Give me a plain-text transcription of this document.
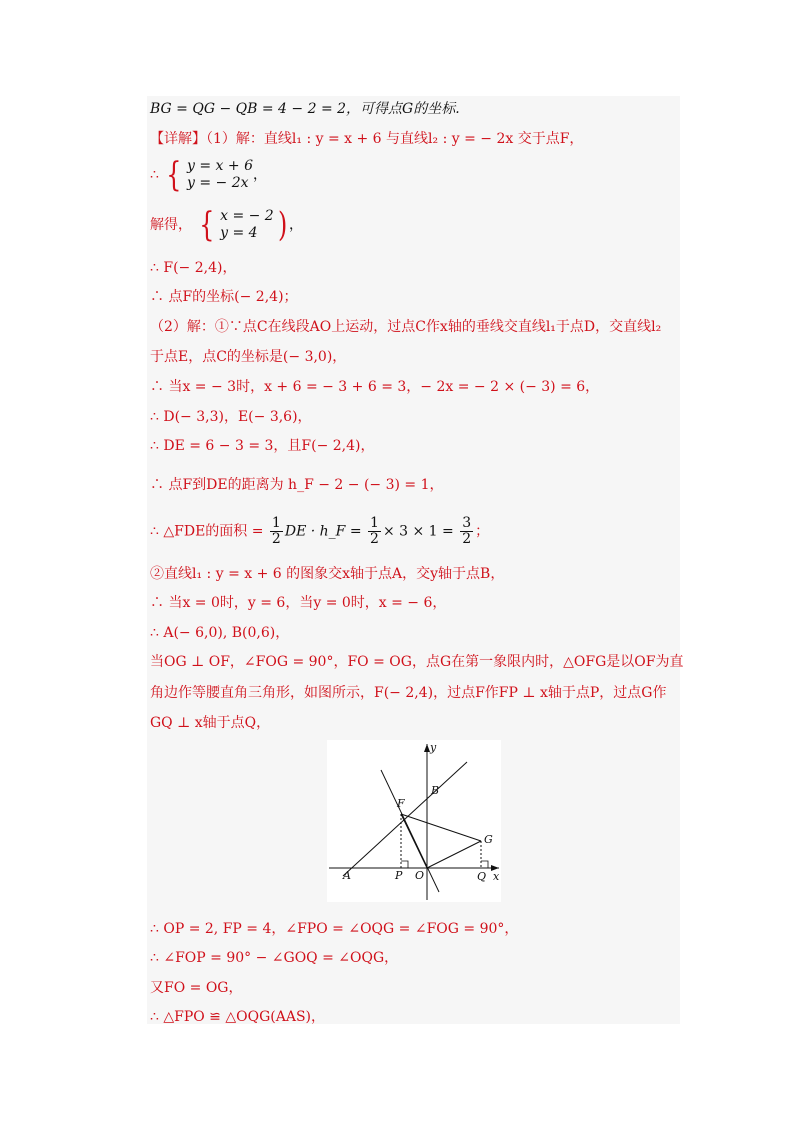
BG = QG − QB = 4 − 2 = 2，可得点G的坐标.
【详解】（1）解：直线l₁ : y = x + 6 与直线l₂ : y = − 2x 交于点F，
∴ { y = x + 6
y = − 2x ，
解得， { x = − 2
y = 4 ) ，
∴ F(− 2,4)，
∴ 点F的坐标(− 2,4)；
（2）解：①∵点C在线段AO上运动，过点C作x轴的垂线交直线l₁于点D，交直线l₂
于点E，点C的坐标是(− 3,0)，
∴ 当x = − 3时，x + 6 = − 3 + 6 = 3，− 2x = − 2 × (− 3) = 6，
∴ D(− 3,3)，E(− 3,6)，
∴ DE = 6 − 3 = 3，且F(− 2,4)，
∴ 点F到DE的距离为 h_F − 2 − (− 3) = 1，
∴ △FDE的面积 = $\frac{1}{2}$ DE · h_F = $\frac{1}{2} \times 3 \times 1 = \frac{3}{2}$ ；
②直线l₁ : y = x + 6 的图象交x轴于点A，交y轴于点B，
∴ 当x = 0时，y = 6，当y = 0时，x = − 6，
∴ A(− 6,0), B(0,6)，
当OG ⊥ OF，∠FOG = 90°，FO = OG，点G在第一象限内时，△OFG是以OF为直
角边作等腰直角三角形，如图所示，F(− 2,4)，过点F作FP ⊥ x轴于点P，过点G作
GQ ⊥ x轴于点Q，
y
x
B
F
G
A	P O	Q
∴ OP = 2, FP = 4，∠FPO = ∠OQG = ∠FOG = 90°，
∴ ∠FOP = 90° − ∠GOQ = ∠OQG，
又FO = OG，
∴ △FPO ≌ △OQG(AAS)，
